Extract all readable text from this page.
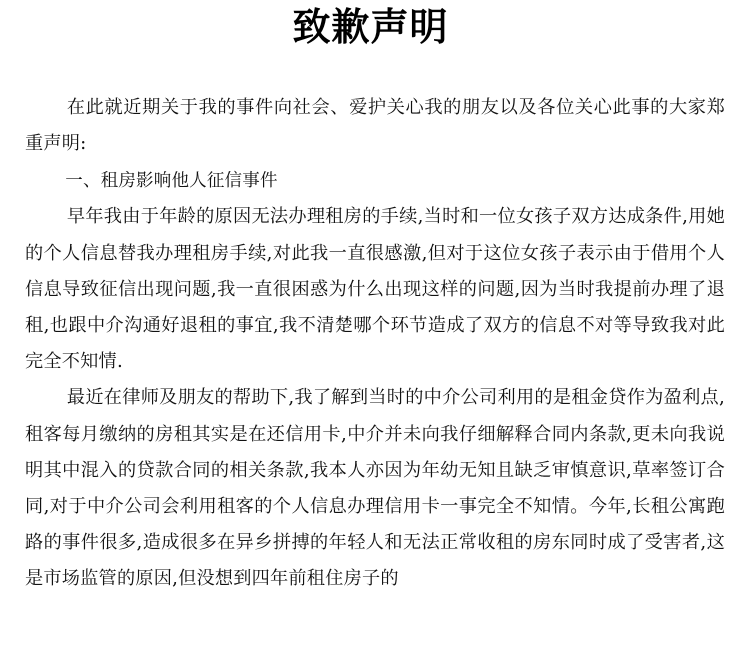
致歉声明

在此就近期关于我的事件向社会、爱护关心我的朋友以及各位关心此事的大家郑重声明:

一、租房影响他人征信事件

早年我由于年龄的原因无法办理租房的手续,当时和一位女孩子双方达成条件,用她的个人信息替我办理租房手续,对此我一直很感激,但对于这位女孩子表示由于借用个人信息导致征信出现问题,我一直很困惑为什么出现这样的问题,因为当时我提前办理了退租,也跟中介沟通好退租的事宜,我不清楚哪个环节造成了双方的信息不对等导致我对此完全不知情.

最近在律师及朋友的帮助下,我了解到当时的中介公司利用的是租金贷作为盈利点,租客每月缴纳的房租其实是在还信用卡,中介并未向我仔细解释合同内条款,更未向我说明其中混入的贷款合同的相关条款,我本人亦因为年幼无知且缺乏审慎意识,草率签订合同,对于中介公司会利用租客的个人信息办理信用卡一事完全不知情。今年,长租公寓跑路的事件很多,造成很多在异乡拼搏的年轻人和无法正常收租的房东同时成了受害者,这是市场监管的原因,但没想到四年前租住房子的
